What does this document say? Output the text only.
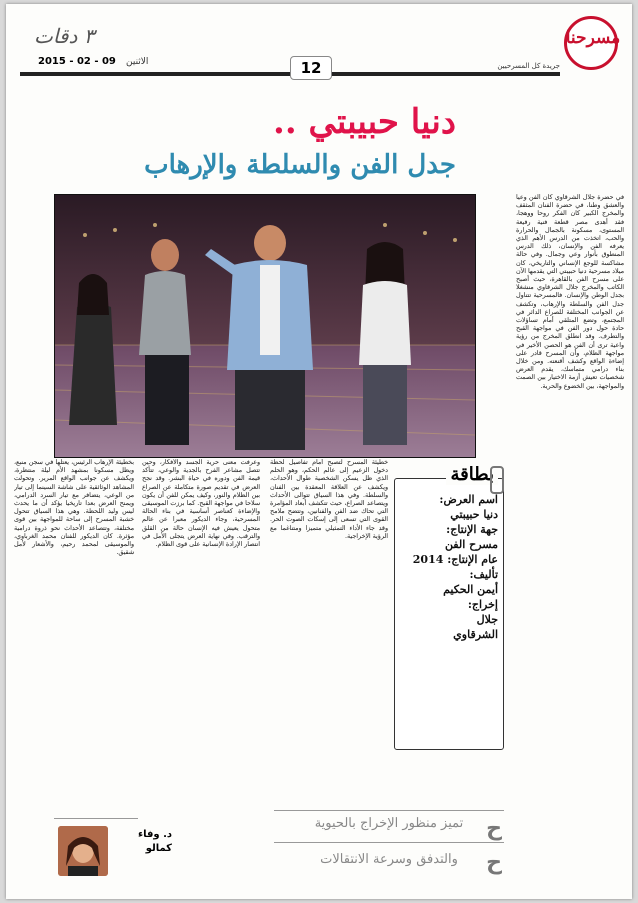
مسرحنا
جريدة كل المسرحيين
12
الاثنين
2015 - 02 - 09
٣ دقات
دنيا حبيبتي ..
جدل الفن والسلطة والإرهاب
في حضرة جلال الشرقاوي كان الفن وعيا والعشق وطنا، في حضرة الفنان المثقف والمخرج الكبير كان الفكر روحا ووهجا، فقد أهدى مصر قطعة فنية رفيعة المستوى، مسكونة بالجمال والحرارة والحب، اتخذت من الدرس الأهم الذي يعرفه الفن والإنسان، ذلك الدرس المنطوق بأنوار وعي وجمال. وفي حالة مشاكسة للوجع الإنساني والتاريخي، كان ميلاد مسرحية دنيا حبيبتي التي يقدمها الآن على مسرح الفن بالقاهرة، حيث أصبح الكاتب والمخرج جلال الشرقاوي منشغلا بجدل الوطن والإنسان. فالمسرحية تتناول جدل الفن والسلطة والإرهاب، وتكشف عن الجوانب المختلفة للصراع الدائر في المجتمع، وتضع المتلقي أمام تساؤلات حادة حول دور الفن في مواجهة القبح والتطرف. وقد انطلق المخرج من رؤية واعية ترى أن الفن هو الحصن الأخير في مواجهة الظلام، وأن المسرح قادر على إضاءة الواقع وكشف أقنعته. ومن خلال بناء درامي متماسك، يقدم العرض شخصيات تعيش أزمة الاختيار بين الصمت والمواجهة، بين الخضوع والحرية.
بطاقة
اسم العرض:
دنيا حبيبتي
جهة الإنتاج:
مسرح الفن
عام الإنتاج: 2014
تأليف:
أيمن الحكيم
إخراج:
جلال
الشرقاوي
خطيئة المسرح لتصبح أمام تفاصيل لحظة دخول الزعيم إلى عالم الحكم، وهو الحلم الذي ظل يسكن الشخصية طوال الأحداث، ويكشف عن العلاقة المعقدة بين الفنان والسلطة. وفي هذا السياق تتوالى الأحداث ويتصاعد الصراع، حيث تتكشف أبعاد المؤامرة التي تحاك ضد الفن والفنانين، وتتضح ملامح القوى التي تسعى إلى إسكات الصوت الحر. وقد جاء الأداء التمثيلي متميزا ومتناغما مع الرؤية الإخراجية.
وعرفت معنى حرية الجسد والأفكار، وحين تتصل مشاعر الفرح بالجدية والوعي، تتأكد قيمة الفن ودوره في حياة البشر. وقد نجح العرض في تقديم صورة متكاملة عن الصراع بين الظلام والنور، وكيف يمكن للفن أن يكون سلاحا في مواجهة القبح. كما برزت الموسيقى والإضاءة كعناصر أساسية في بناء الحالة المسرحية، وجاء الديكور معبرا عن عالم متحول يعيش فيه الإنسان حالة من القلق والترقب. وفي نهاية العرض يتجلى الأمل في انتصار الإرادة الإنسانية على قوى الظلام.
بخطيئة الإرهاب الرئيس، يعتلها في سجن منبع، ويظل مسكونا بمشهد الأم ليلة منتظرة، ويكشف عن جوانب الواقع المرير. وتحولت المشاهد الوثائقية على شاشة السينما إلى تيار من الوعي، يتضافر مع تيار السرد الدرامي، ويمنح العرض بعدا تاريخيا يؤكد أن ما يحدث ليس وليد اللحظة. وهي هذا السياق تتحول خشبة المسرح إلى ساحة للمواجهة بين قوى مختلفة، وتتصاعد الأحداث نحو ذروة درامية مؤثرة. كان الديكور للفنان محمد الغرباوي، والموسيقى لمحمد رحيم، والأشعار لأمل شقيق.
ح
تميز منظور الإخراج بالحيوية
ح
والتدفق وسرعة الانتقالات
د. وفاء
كمالو
